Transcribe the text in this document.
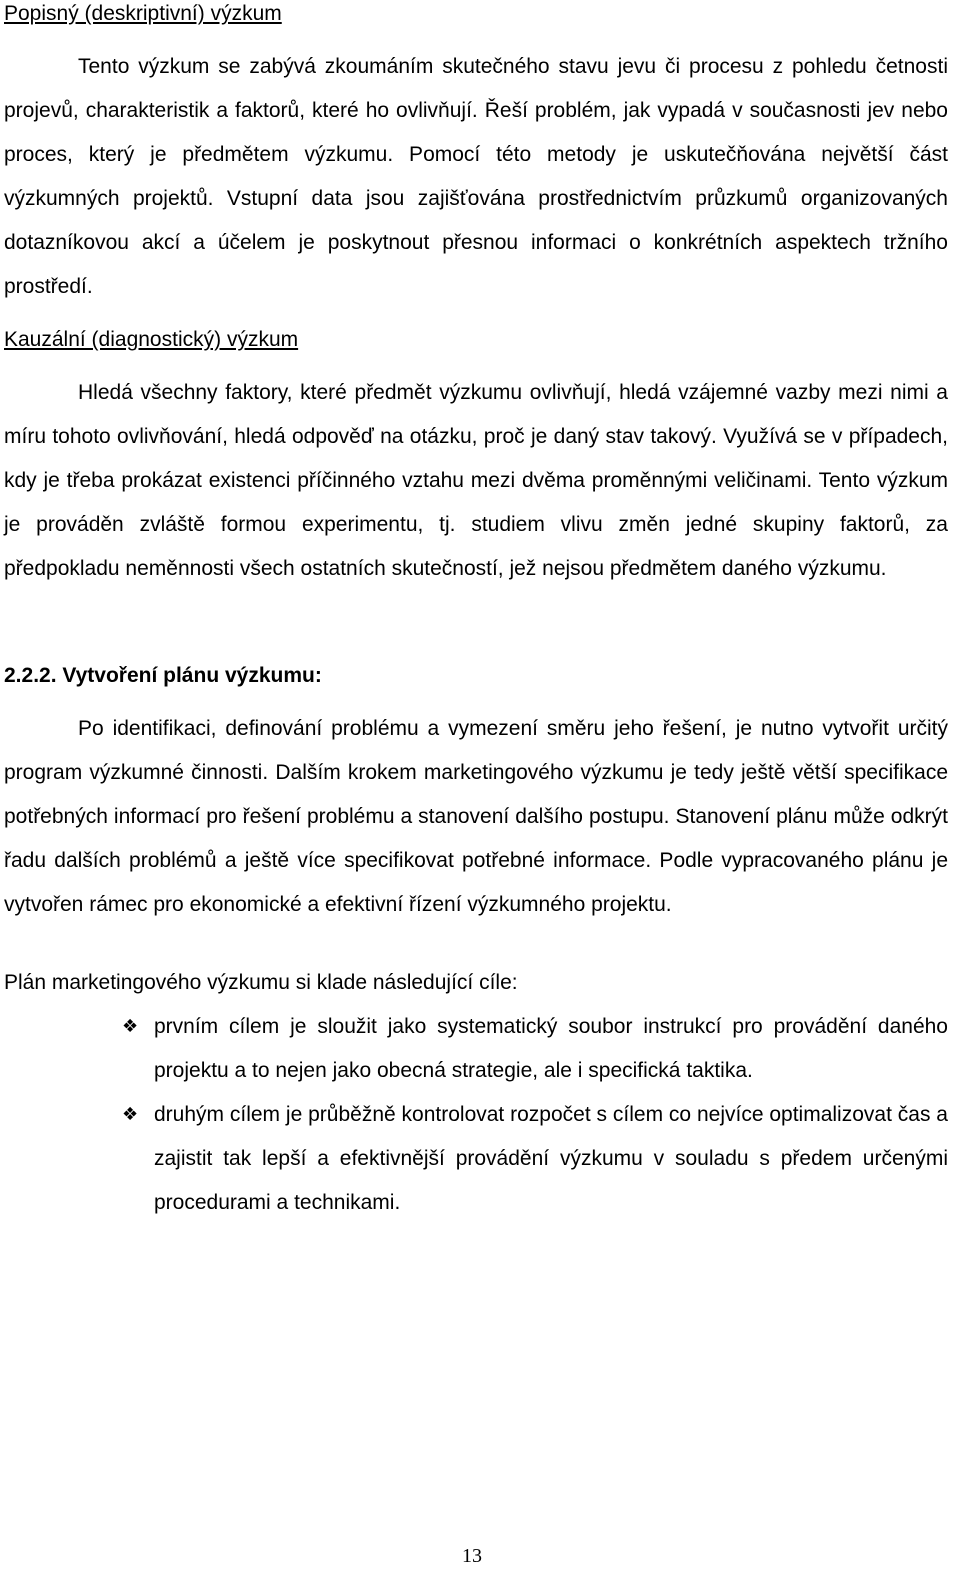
Popisný (deskriptivní) výzkum

Tento výzkum se zabývá zkoumáním skutečného stavu jevu či procesu z pohledu četnosti projevů, charakteristik a faktorů, které ho ovlivňují. Řeší problém, jak vypadá v současnosti jev nebo proces, který je předmětem výzkumu. Pomocí této metody je uskutečňována největší část výzkumných projektů. Vstupní data jsou zajišťována prostřednictvím průzkumů organizovaných dotazníkovou akcí a účelem je poskytnout přesnou informaci o konkrétních aspektech tržního prostředí.

Kauzální (diagnostický) výzkum

Hledá všechny faktory, které předmět výzkumu ovlivňují, hledá vzájemné vazby mezi nimi a míru tohoto ovlivňování, hledá odpověď na otázku, proč je daný stav takový. Využívá se v případech, kdy je třeba prokázat existenci příčinného vztahu mezi dvěma proměnnými veličinami. Tento výzkum je prováděn zvláště formou experimentu, tj. studiem vlivu změn jedné skupiny faktorů, za předpokladu neměnnosti všech ostatních skutečností, jež nejsou předmětem daného výzkumu.

2.2.2. Vytvoření plánu výzkumu:

Po identifikaci, definování problému a vymezení směru jeho řešení, je nutno vytvořit určitý program výzkumné činnosti. Dalším krokem marketingového výzkumu je tedy ještě větší specifikace potřebných informací pro řešení problému a stanovení dalšího postupu. Stanovení plánu může odkrýt řadu dalších problémů a ještě více specifikovat potřebné informace. Podle vypracovaného plánu je vytvořen rámec pro ekonomické a efektivní řízení výzkumného projektu.

Plán marketingového výzkumu si klade následující cíle:

❖ prvním cílem je sloužit jako systematický soubor instrukcí pro provádění daného projektu a to nejen jako obecná strategie, ale i specifická taktika.
❖ druhým cílem je průběžně kontrolovat rozpočet s cílem co nejvíce optimalizovat čas a zajistit tak lepší a efektivnější provádění výzkumu v souladu s předem určenými procedurami a technikami.
13
